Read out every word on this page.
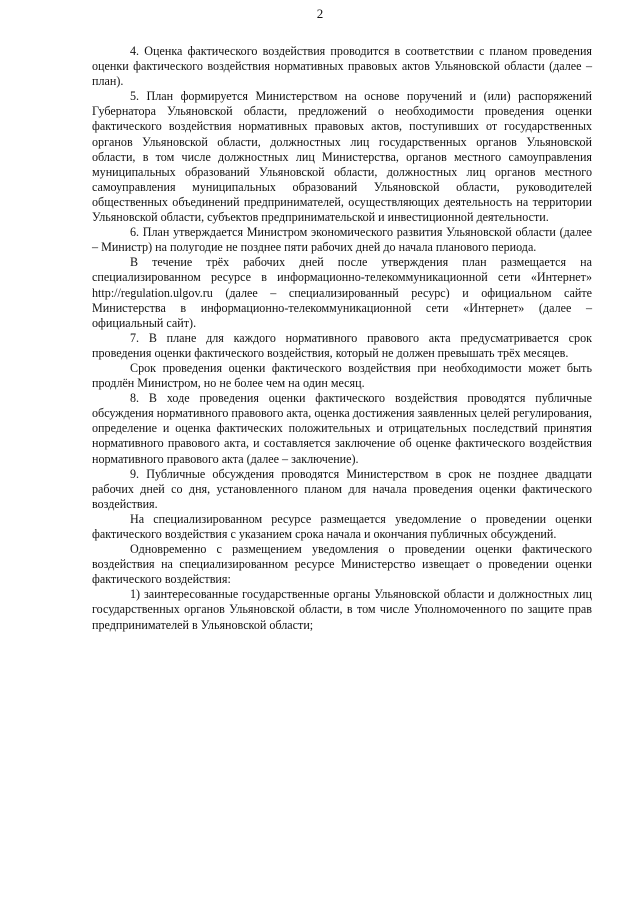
2

4. Оценка фактического воздействия проводится в соответствии с планом проведения оценки фактического воздействия нормативных правовых актов Ульяновской области (далее – план).

5. План формируется Министерством на основе поручений и (или) распоряжений Губернатора Ульяновской области, предложений о необходимости проведения оценки фактического воздействия нормативных правовых актов, поступивших от государственных органов Ульяновской области, должностных лиц государственных органов Ульяновской области, в том числе должностных лиц Министерства, органов местного самоуправления муниципальных образований Ульяновской области, должностных лиц органов местного самоуправления муниципальных образований Ульяновской области, руководителей общественных объединений предпринимателей, осуществляющих деятельность на территории Ульяновской области, субъектов предпринимательской и инвестиционной деятельности.

6. План утверждается Министром экономического развития Ульяновской области (далее – Министр) на полугодие не позднее пяти рабочих дней до начала планового периода.

В течение трёх рабочих дней после утверждения план размещается на специализированном ресурсе в информационно-телекоммуникационной сети «Интернет» http://regulation.ulgov.ru (далее – специализированный ресурс) и официальном сайте Министерства в информационно-телекоммуникационной сети «Интернет» (далее – официальный сайт).

7. В плане для каждого нормативного правового акта предусматривается срок проведения оценки фактического воздействия, который не должен превышать трёх месяцев.

Срок проведения оценки фактического воздействия при необходимости может быть продлён Министром, но не более чем на один месяц.

8. В ходе проведения оценки фактического воздействия проводятся публичные обсуждения нормативного правового акта, оценка достижения заявленных целей регулирования, определение и оценка фактических положительных и отрицательных последствий принятия нормативного правового акта, и составляется заключение об оценке фактического воздействия нормативного правового акта (далее – заключение).

9. Публичные обсуждения проводятся Министерством в срок не позднее двадцати рабочих дней со дня, установленного планом для начала проведения оценки фактического воздействия.

На специализированном ресурсе размещается уведомление о проведении оценки фактического воздействия с указанием срока начала и окончания публичных обсуждений.

Одновременно с размещением уведомления о проведении оценки фактического воздействия на специализированном ресурсе Министерство извещает о проведении оценки фактического воздействия:

1) заинтересованные государственные органы Ульяновской области и должностных лиц государственных органов Ульяновской области, в том числе Уполномоченного по защите прав предпринимателей в Ульяновской области;
